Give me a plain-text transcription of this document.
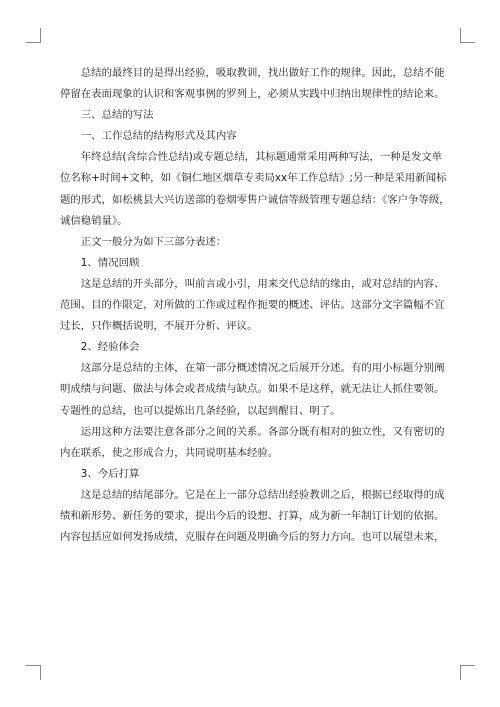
总结的最终目的是得出经验，吸取教训，找出做好工作的规律。因此，总结不能停留在表面现象的认识和客观事例的罗列上，必须从实践中归纳出规律性的结论来。

三、总结的写法

一、工作总结的结构形式及其内容

年终总结(含综合性总结)或专题总结，其标题通常采用两种写法，一种是发文单位名称+时间+文种，如《铜仁地区烟草专卖局xx年工作总结》;另一种是采用新闻标题的形式，如松桃县大兴访送部的卷烟零售户诚信等级管理专题总结：《客户争等级，诚信稳销量》。

正文一般分为如下三部分表述：

1、情况回顾

这是总结的开头部分，叫前言或小引，用来交代总结的缘由，或对总结的内容、范围、目的作限定，对所做的工作或过程作扼要的概述、评估。这部分文字篇幅不宜过长，只作概括说明，不展开分析、评议。

2、经验体会

这部分是总结的主体，在第一部分概述情况之后展开分述。有的用小标题分别阐明成绩与问题、做法与体会或者成绩与缺点。如果不是这样，就无法让人抓住要领。专题性的总结，也可以提炼出几条经验，以起到醒目、明了。

运用这种方法要注意各部分之间的关系。各部分既有相对的独立性，又有密切的内在联系，使之形成合力，共同说明基本经验。

3、今后打算

这是总结的结尾部分。它是在上一部分总结出经验教训之后，根据已经取得的成绩和新形势、新任务的要求，提出今后的设想、打算，成为新一年制订计划的依据。内容包括应如何发扬成绩，克服存在问题及明确今后的努力方向。也可以展望未来，
